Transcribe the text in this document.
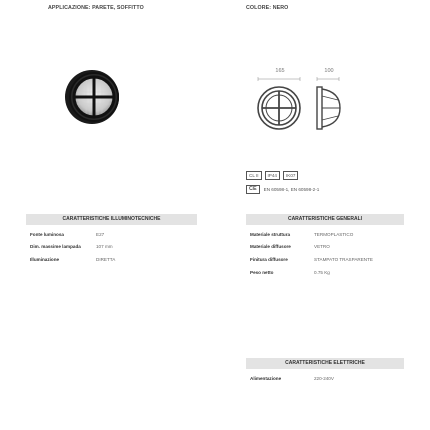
APPLICAZIONE: PARETE, SOFFITTO	COLORE: NERO
165	100
CL II	IP44	IK07
CE	EN 60598-1, EN 60598-2-1
CARATTERISTICHE ILLUMINOTECNICHE
Fonte luminosa	E27
Dim. massime lampada	107 mm
Illuminazione	DIRETTA
CARATTERISTICHE GENERALI
Materiale struttura	TERMOPLASTICO
Materiale diffusore	VETRO
Finitura diffusore	STAMPATO TRASPARENTE
Peso netto	0.75 Kg
CARATTERISTICHE ELETTRICHE
Alimentazione	220-240V
